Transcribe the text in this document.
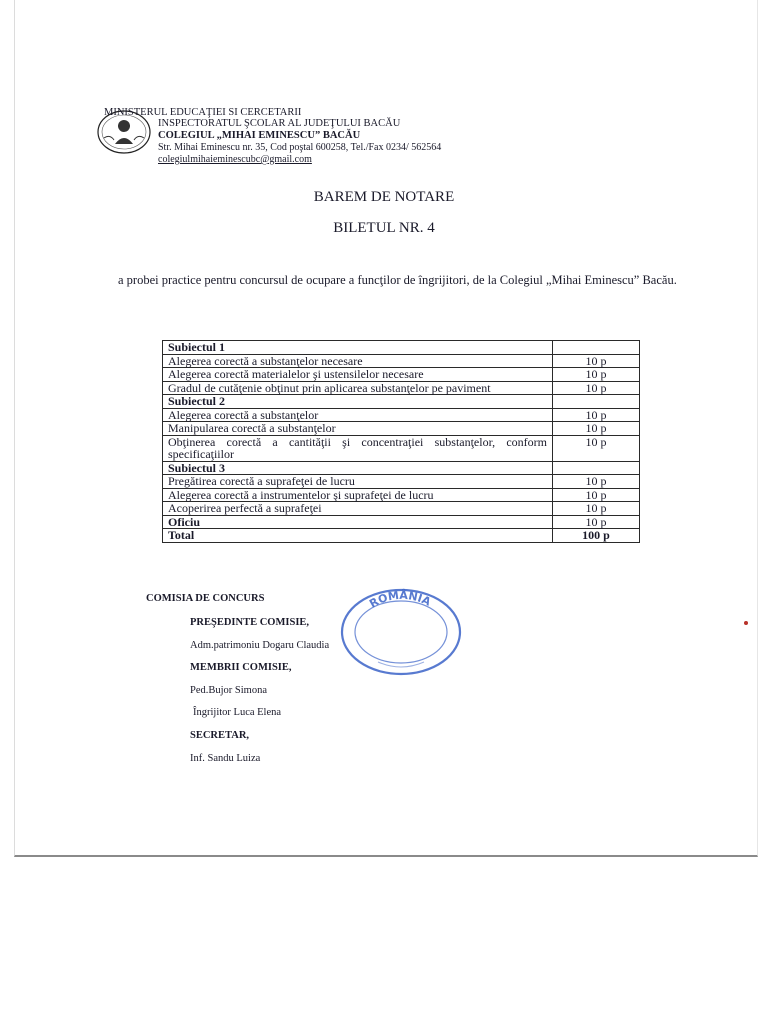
MINISTERUL EDUCAŢIEI SI CERCETARII
INSPECTORATUL ŞCOLAR AL JUDEŢULUI BACĂU
COLEGIUL „MIHAI EMINESCU” BACĂU
Str. Mihai Eminescu nr. 35, Cod poştal 600258, Tel./Fax 0234/ 562564
colegiulmihaieminescubc@gmail.com
BAREM DE NOTARE
BILETUL NR. 4
a probei practice pentru concursul de ocupare a funcţilor de îngrijitori, de la Colegiul „Mihai Eminescu” Bacău.
Subiectul 1	
Alegerea corectă a substanţelor necesare	10 p
Alegerea corectă materialelor şi ustensilelor necesare	10 p
Gradul de cutăţenie obţinut prin aplicarea substanţelor pe paviment	10 p
Subiectul 2	
Alegerea corectă a substanţelor	10 p
Manipularea corectă a substanţelor	10 p
Obţinerea corectă a cantităţii şi concentraţiei substanţelor, conform specificaţiilor	10 p
Subiectul 3	
Pregătirea corectă a suprafeţei de lucru	10 p
Alegerea corectă a instrumentelor şi suprafeţei de lucru	10 p
Acoperirea perfectă a suprafeţei	10 p
Oficiu	10 p
Total	100 p
COMISIA DE CONCURS
PREŞEDINTE COMISIE,
Adm.patrimoniu Dogaru Claudia
MEMBRII COMISIE,
Ped.Bujor Simona
Îngrijitor Luca Elena
SECRETAR,
Inf. Sandu Luiza
ROMÂNIA
